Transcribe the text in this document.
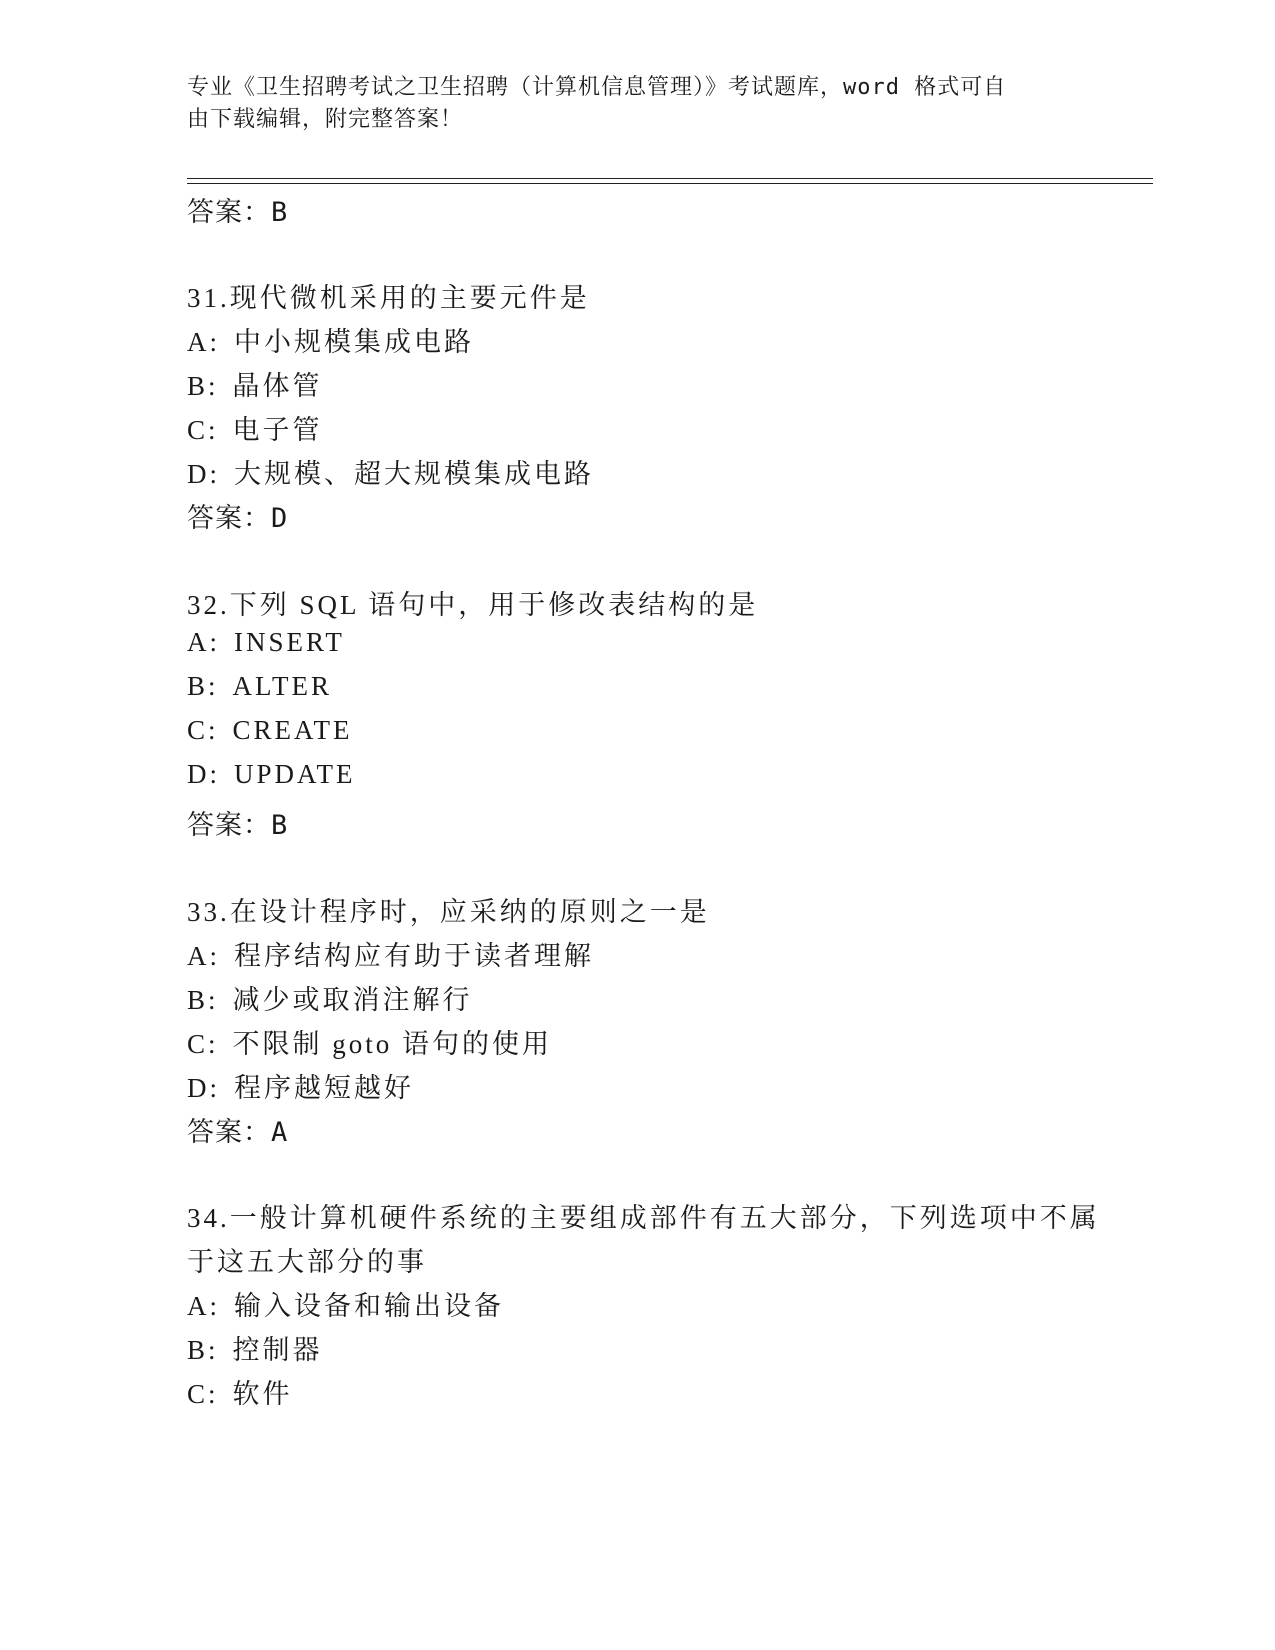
专业《卫生招聘考试之卫生招聘（计算机信息管理）》考试题库，word 格式可自
由下载编辑，附完整答案！
答案：B
31.现代微机采用的主要元件是
A: 中小规模集成电路
B: 晶体管
C: 电子管
D: 大规模、超大规模集成电路
答案：D
32.下列 SQL 语句中，用于修改表结构的是
A: INSERT
B: ALTER
C: CREATE
D: UPDATE
答案：B
33.在设计程序时，应采纳的原则之一是
A: 程序结构应有助于读者理解
B: 减少或取消注解行
C: 不限制 goto 语句的使用
D: 程序越短越好
答案：A
34.一般计算机硬件系统的主要组成部件有五大部分，下列选项中不属
于这五大部分的事
A: 输入设备和输出设备
B: 控制器
C: 软件
